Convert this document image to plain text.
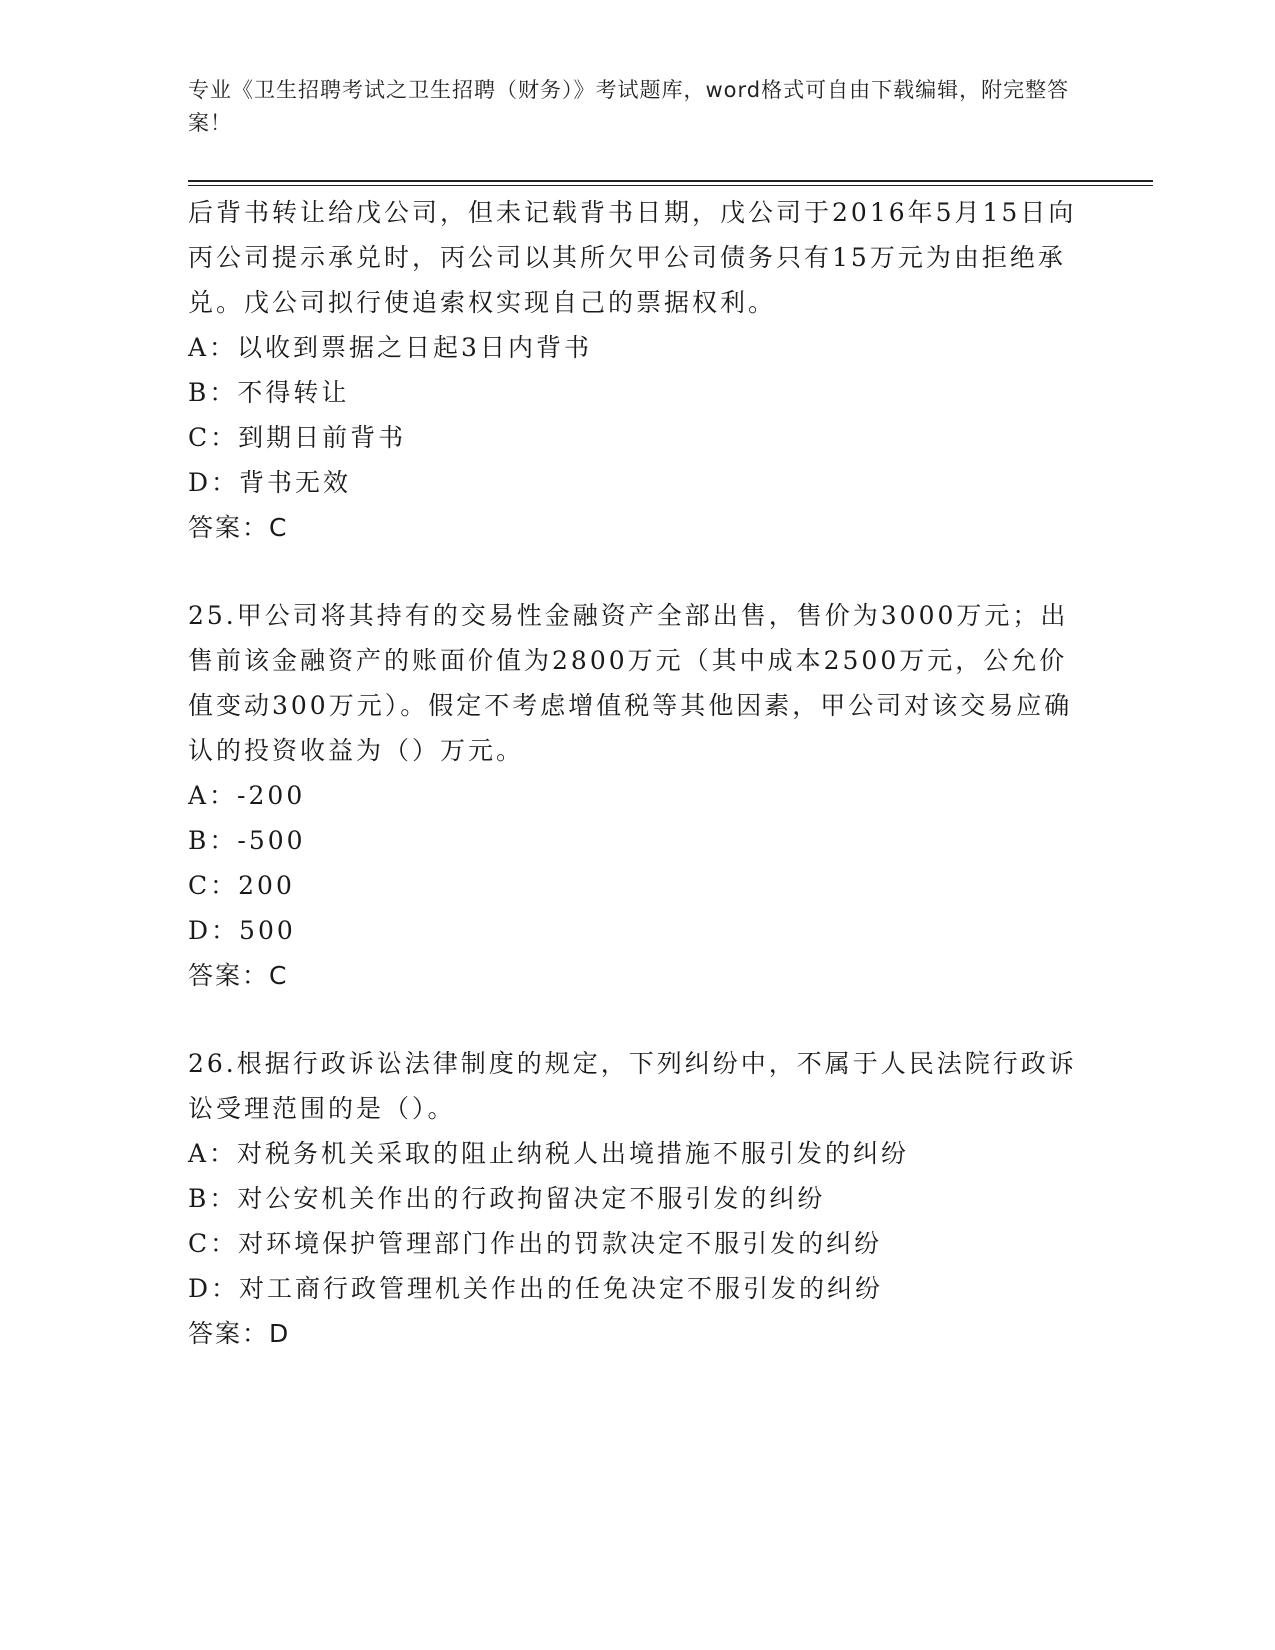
专业《卫生招聘考试之卫生招聘（财务）》考试题库，word格式可自由下载编辑，附完整答案！

后背书转让给戊公司，但未记载背书日期，戊公司于2016年5月15日向丙公司提示承兑时，丙公司以其所欠甲公司债务只有15万元为由拒绝承兑。戊公司拟行使追索权实现自己的票据权利。

A：以收到票据之日起3日内背书

B：不得转让

C：到期日前背书

D：背书无效

答案：C

25.甲公司将其持有的交易性金融资产全部出售，售价为3000万元；出售前该金融资产的账面价值为2800万元（其中成本2500万元，公允价值变动300万元）。假定不考虑增值税等其他因素，甲公司对该交易应确认的投资收益为（）万元。

A：-200

B：-500

C：200

D：500

答案：C

26.根据行政诉讼法律制度的规定，下列纠纷中，不属于人民法院行政诉讼受理范围的是（）。

A：对税务机关采取的阻止纳税人出境措施不服引发的纠纷

B：对公安机关作出的行政拘留决定不服引发的纠纷

C：对环境保护管理部门作出的罚款决定不服引发的纠纷

D：对工商行政管理机关作出的任免决定不服引发的纠纷

答案：D
